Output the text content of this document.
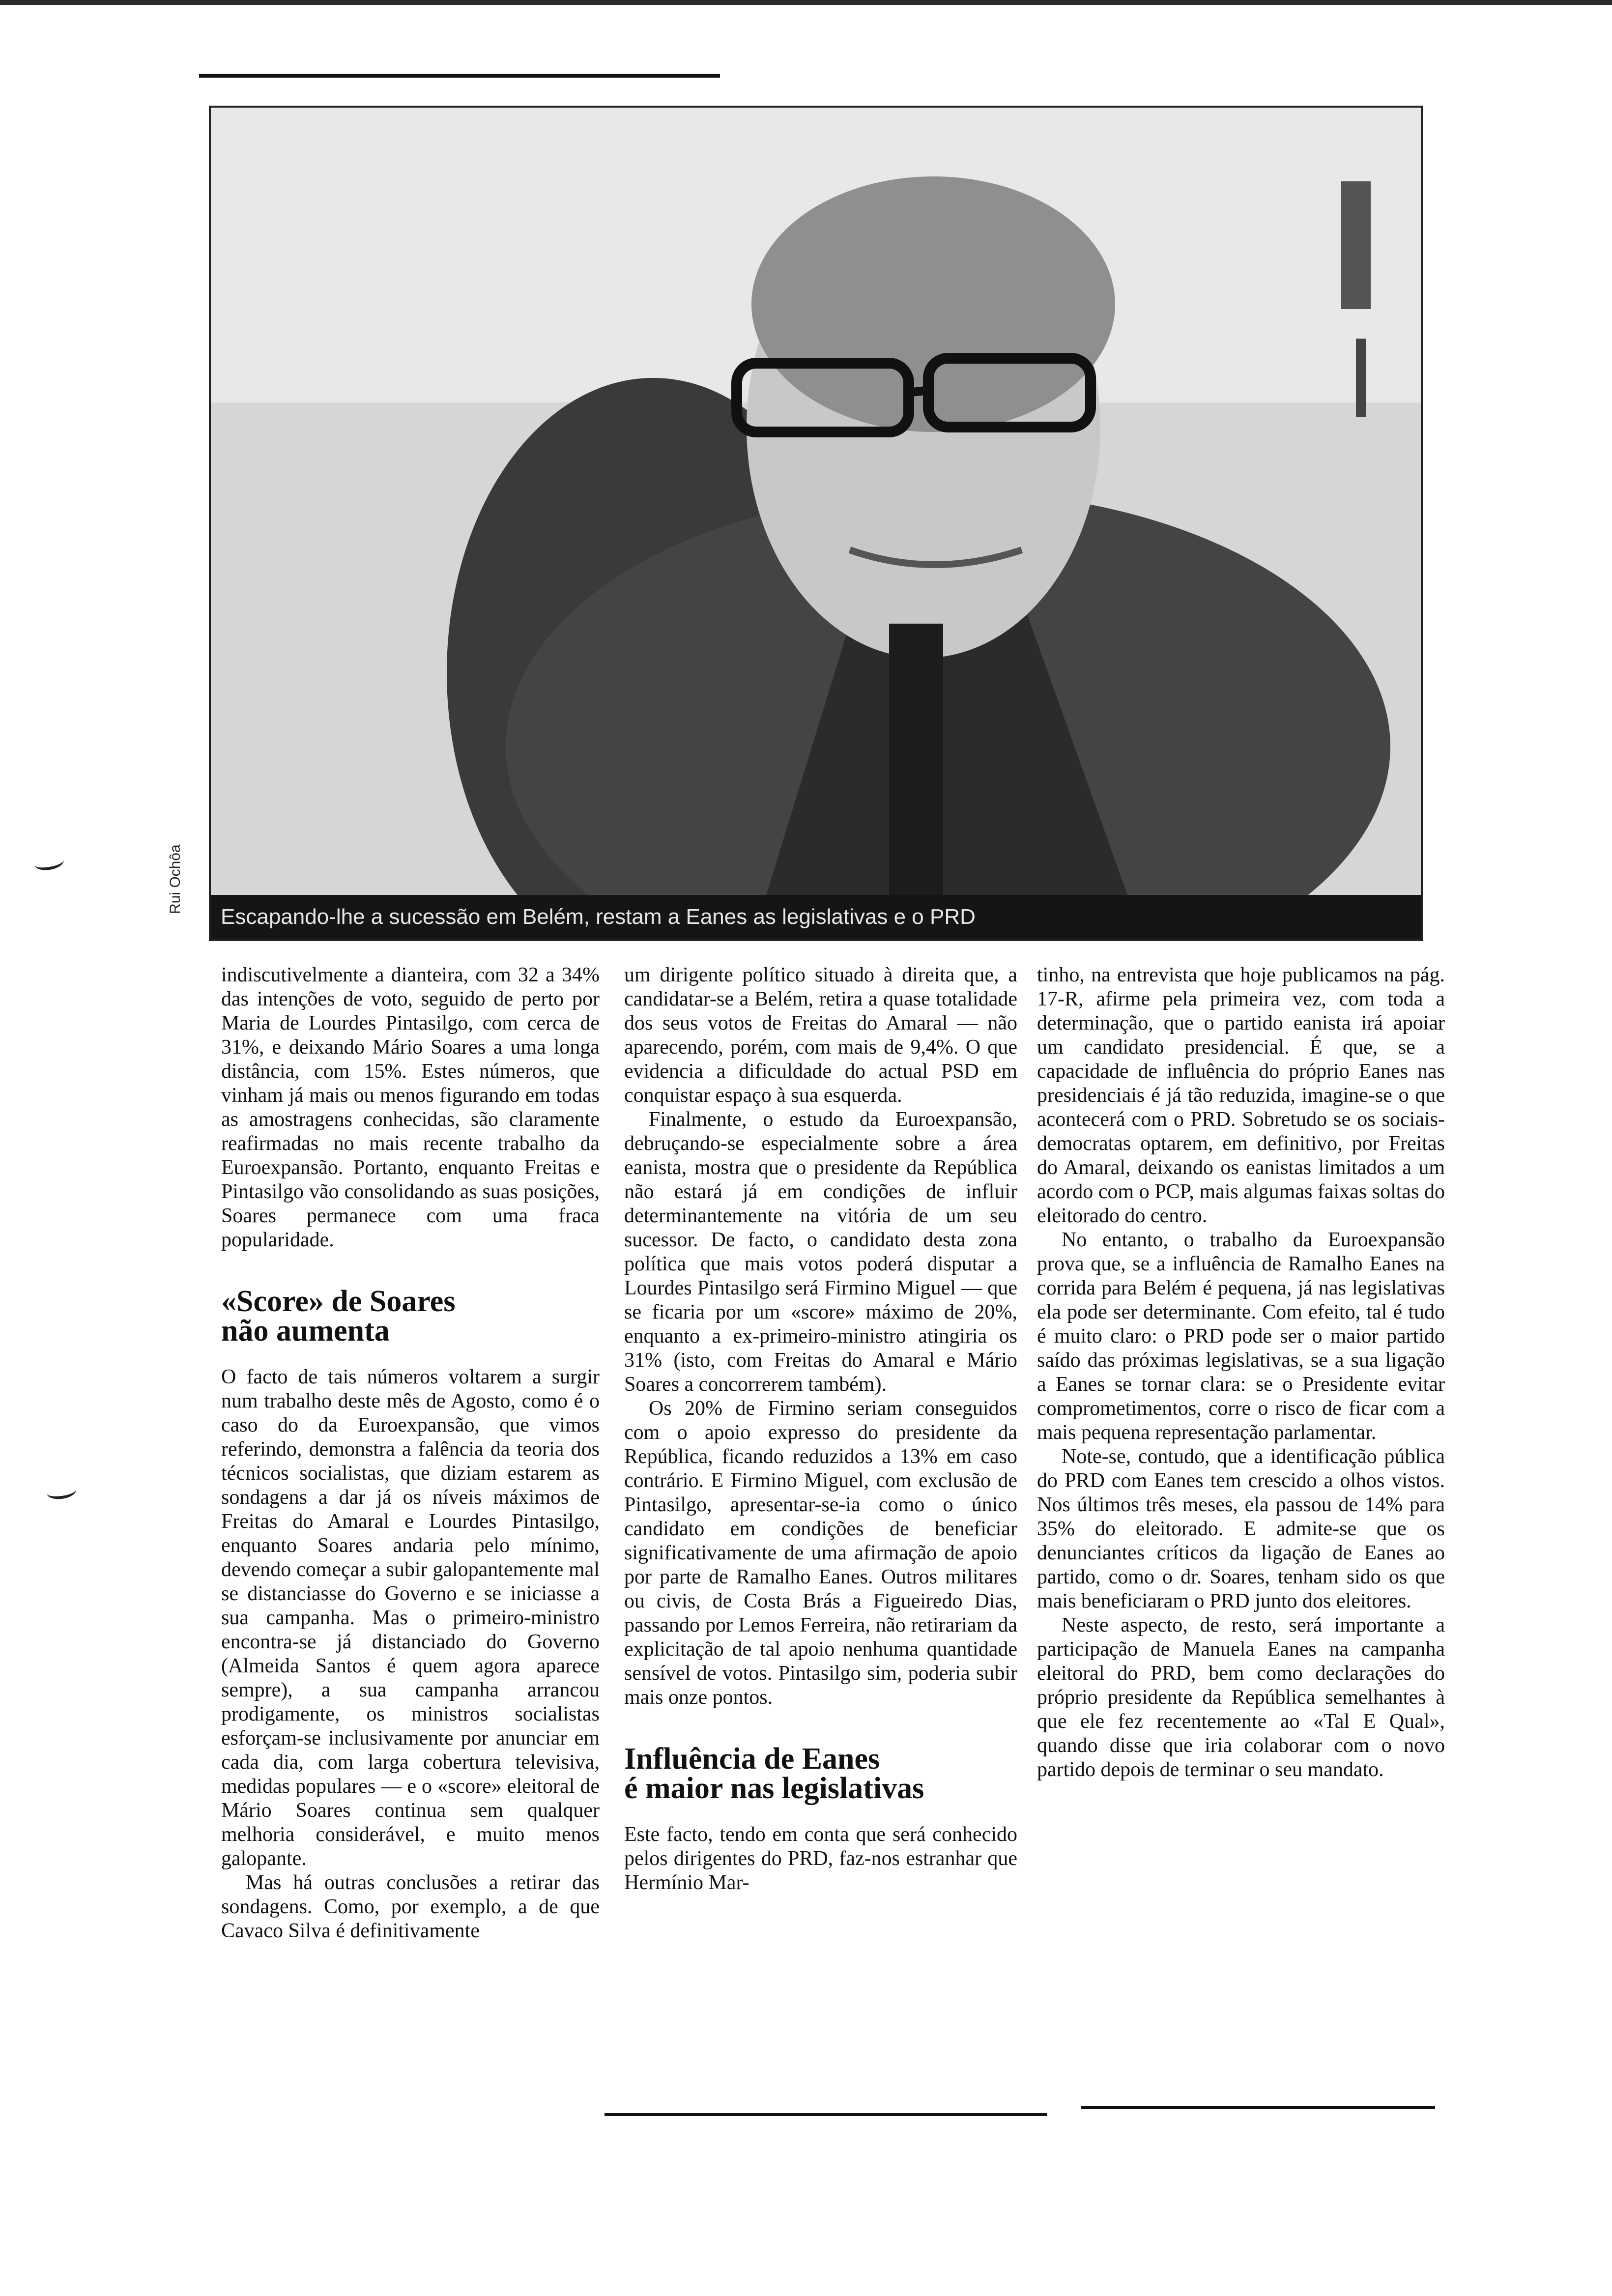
Escapando-lhe a sucessão em Belém, restam a Eanes as legislativas e o PRD
Rui Ochôa

indiscutivelmente a dianteira, com 32 a 34% das intenções de voto, seguido de perto por Maria de Lourdes Pintasilgo, com cerca de 31%, e deixando Mário Soares a uma longa distância, com 15%. Estes números, que vinham já mais ou menos figurando em todas as amostragens conhecidas, são claramente reafirmadas no mais recente trabalho da Euroexpansão. Portanto, enquanto Freitas e Pintasilgo vão consolidando as suas posições, Soares permanece com uma fraca popularidade.

«Score» de Soares
não aumenta

O facto de tais números voltarem a surgir num trabalho deste mês de Agosto, como é o caso do da Euroexpansão, que vimos referindo, demonstra a falência da teoria dos técnicos socialistas, que diziam estarem as sondagens a dar já os níveis máximos de Freitas do Amaral e Lourdes Pintasilgo, enquanto Soares andaria pelo mínimo, devendo começar a subir galopantemente mal se distanciasse do Governo e se iniciasse a sua campanha. Mas o primeiro-ministro encontra-se já distanciado do Governo (Almeida Santos é quem agora aparece sempre), a sua campanha arrancou prodigamente, os ministros socialistas esforçam-se inclusivamente por anunciar em cada dia, com larga cobertura televisiva, medidas populares — e o «score» eleitoral de Mário Soares continua sem qualquer melhoria considerável, e muito menos galopante.

Mas há outras conclusões a retirar das sondagens. Como, por exemplo, a de que Cavaco Silva é definitivamente

um dirigente político situado à direita que, a candidatar-se a Belém, retira a quase totalidade dos seus votos de Freitas do Amaral — não aparecendo, porém, com mais de 9,4%. O que evidencia a dificuldade do actual PSD em conquistar espaço à sua esquerda.

Finalmente, o estudo da Euroexpansão, debruçando-se especialmente sobre a área eanista, mostra que o presidente da República não estará já em condições de influir determinantemente na vitória de um seu sucessor. De facto, o candidato desta zona política que mais votos poderá disputar a Lourdes Pintasilgo será Firmino Miguel — que se ficaria por um «score» máximo de 20%, enquanto a ex-primeiro-ministro atingiria os 31% (isto, com Freitas do Amaral e Mário Soares a concorrerem também).

Os 20% de Firmino seriam conseguidos com o apoio expresso do presidente da República, ficando reduzidos a 13% em caso contrário. E Firmino Miguel, com exclusão de Pintasilgo, apresentar-se-ia como o único candidato em condições de beneficiar significativamente de uma afirmação de apoio por parte de Ramalho Eanes. Outros militares ou civis, de Costa Brás a Figueiredo Dias, passando por Lemos Ferreira, não retirariam da explicitação de tal apoio nenhuma quantidade sensível de votos. Pintasilgo sim, poderia subir mais onze pontos.

Influência de Eanes
é maior nas legislativas

Este facto, tendo em conta que será conhecido pelos dirigentes do PRD, faz-nos estranhar que Hermínio Mar-

tinho, na entrevista que hoje publicamos na pág. 17-R, afirme pela primeira vez, com toda a determinação, que o partido eanista irá apoiar um candidato presidencial. É que, se a capacidade de influência do próprio Eanes nas presidenciais é já tão reduzida, imagine-se o que acontecerá com o PRD. Sobretudo se os sociais-democratas optarem, em definitivo, por Freitas do Amaral, deixando os eanistas limitados a um acordo com o PCP, mais algumas faixas soltas do eleitorado do centro.

No entanto, o trabalho da Euroexpansão prova que, se a influência de Ramalho Eanes na corrida para Belém é pequena, já nas legislativas ela pode ser determinante. Com efeito, tal é tudo é muito claro: o PRD pode ser o maior partido saído das próximas legislativas, se a sua ligação a Eanes se tornar clara: se o Presidente evitar comprometimentos, corre o risco de ficar com a mais pequena representação parlamentar.

Note-se, contudo, que a identificação pública do PRD com Eanes tem crescido a olhos vistos. Nos últimos três meses, ela passou de 14% para 35% do eleitorado. E admite-se que os denunciantes críticos da ligação de Eanes ao partido, como o dr. Soares, tenham sido os que mais beneficiaram o PRD junto dos eleitores.

Neste aspecto, de resto, será importante a participação de Manuela Eanes na campanha eleitoral do PRD, bem como declarações do próprio presidente da República semelhantes à que ele fez recentemente ao «Tal E Qual», quando disse que iria colaborar com o novo partido depois de terminar o seu mandato.
